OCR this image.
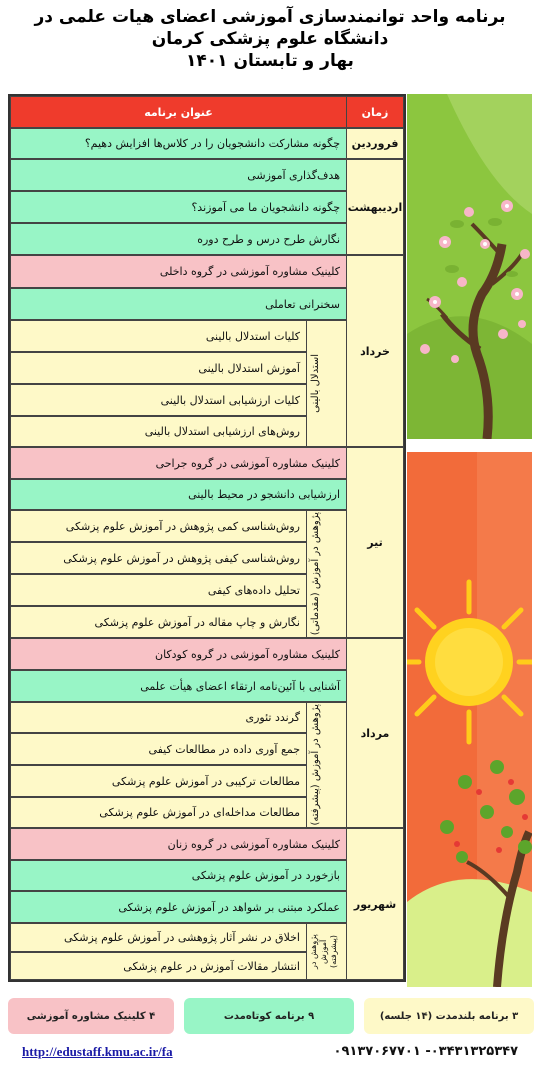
برنامه واحد توانمندسازی آموزشی اعضای هیات علمی در
دانشگاه علوم پزشکی کرمان
بهار و تابستان ۱۴۰۱
زمان
عنوان برنامه
فروردین
چگونه مشارکت دانشجویان را در کلاس‌ها افزایش دهیم؟
اردیبهشت
هدف‌گذاری آموزشی
چگونه دانشجویان ما می آموزند؟
نگارش طرح درس و طرح دوره
خرداد
کلینیک مشاوره آموزشی در گروه داخلی
سخنرانی تعاملی
استدلال بالینی
کلیات استدلال بالینی
آموزش استدلال بالینی
کلیات ارزشیابی استدلال بالینی
روش‌های ارزشیابی استدلال بالینی
تیر
کلینیک مشاوره آموزشی در گروه جراحی
ارزشیابی دانشجو در محیط بالینی
پژوهش در آموزش (مقدماتی)
روش‌شناسی کمی پژوهش در آموزش علوم پزشکی
روش‌شناسی کیفی پژوهش در آموزش علوم پزشکی
تحلیل داده‌های کیفی
نگارش و چاپ مقاله در آموزش علوم پزشکی
مرداد
کلینیک مشاوره آموزشی در گروه کودکان
آشنایی با آئین‌نامه ارتقاء اعضای هیأت علمی
پژوهش در آموزش (پیشرفته)
گرندد تئوری
جمع آوری داده در مطالعات کیفی
مطالعات ترکیبی در آموزش علوم پزشکی
مطالعات مداخله‌ای در آموزش علوم پزشکی
شهریور
کلینیک مشاوره آموزشی در گروه زنان
بازخورد در آموزش علوم پزشکی
عملکرد مبتنی بر شواهد در آموزش علوم پزشکی
پژوهش در آموزش (پیشرفته)
اخلاق در نشر آثار پژوهشی در آموزش علوم پزشکی
انتشار مقالات آموزش در علوم پزشکی
۳ برنامه بلندمدت (۱۴ جلسه)
۹ برنامه کوتاه‌مدت
۴ کلینیک مشاوره آموزشی
http://edustaff.kmu.ac.ir/fa	۰۳۴۳۱۳۲۵۳۴۷- ۰۹۱۳۷۰۶۷۷۰۱
